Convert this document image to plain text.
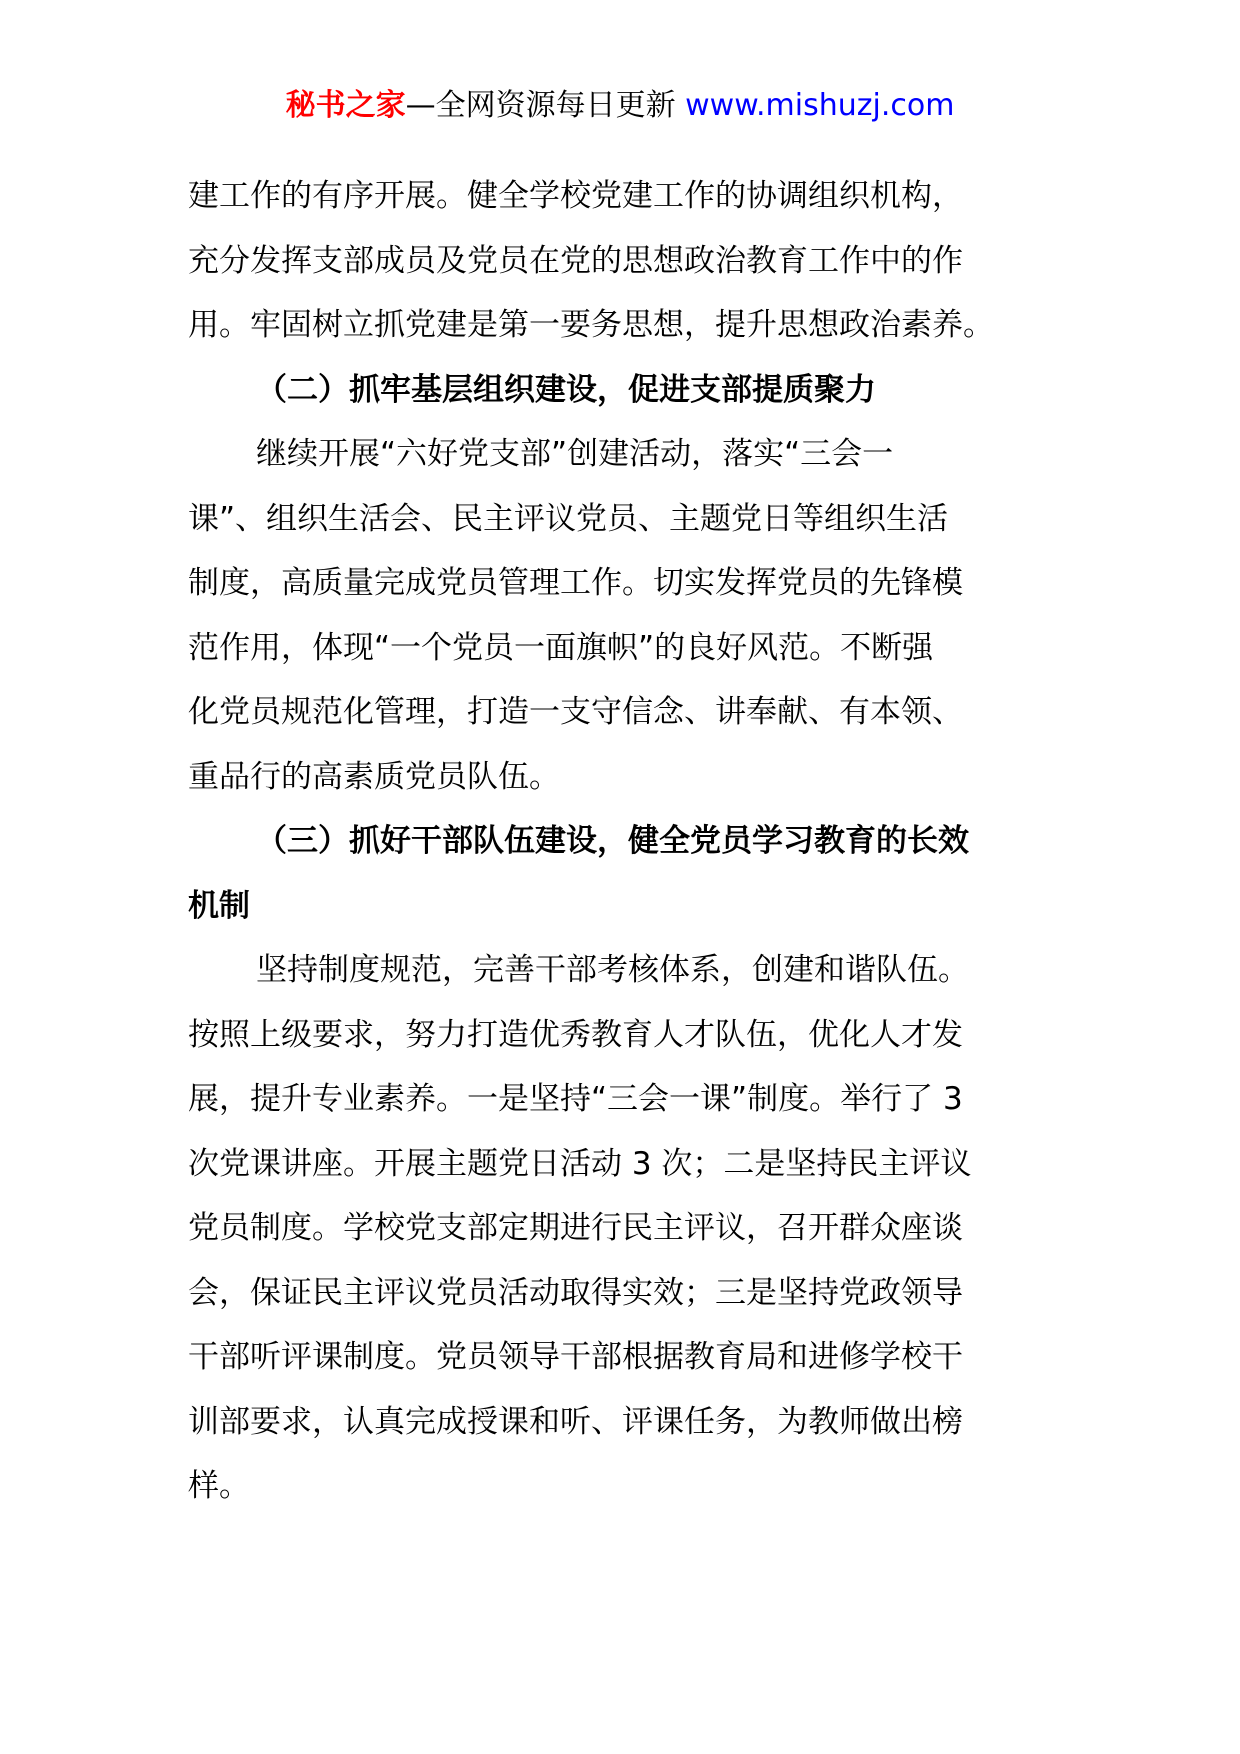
秘书之家—全网资源每日更新 www.mishuzj.com
建工作的有序开展。健全学校党建工作的协调组织机构，
充分发挥支部成员及党员在党的思想政治教育工作中的作
用。牢固树立抓党建是第一要务思想，提升思想政治素养。
（二）抓牢基层组织建设，促进支部提质聚力
继续开展“六好党支部”创建活动，落实“三会一
课”、组织生活会、民主评议党员、主题党日等组织生活
制度，高质量完成党员管理工作。切实发挥党员的先锋模
范作用，体现“一个党员一面旗帜”的良好风范。不断强
化党员规范化管理，打造一支守信念、讲奉献、有本领、
重品行的高素质党员队伍。
（三）抓好干部队伍建设，健全党员学习教育的长效
机制
坚持制度规范，完善干部考核体系，创建和谐队伍。
按照上级要求，努力打造优秀教育人才队伍，优化人才发
展，提升专业素养。一是坚持“三会一课”制度。举行了 3
次党课讲座。开展主题党日活动 3 次；二是坚持民主评议
党员制度。学校党支部定期进行民主评议，召开群众座谈
会，保证民主评议党员活动取得实效；三是坚持党政领导
干部听评课制度。党员领导干部根据教育局和进修学校干
训部要求，认真完成授课和听、评课任务，为教师做出榜
样。
